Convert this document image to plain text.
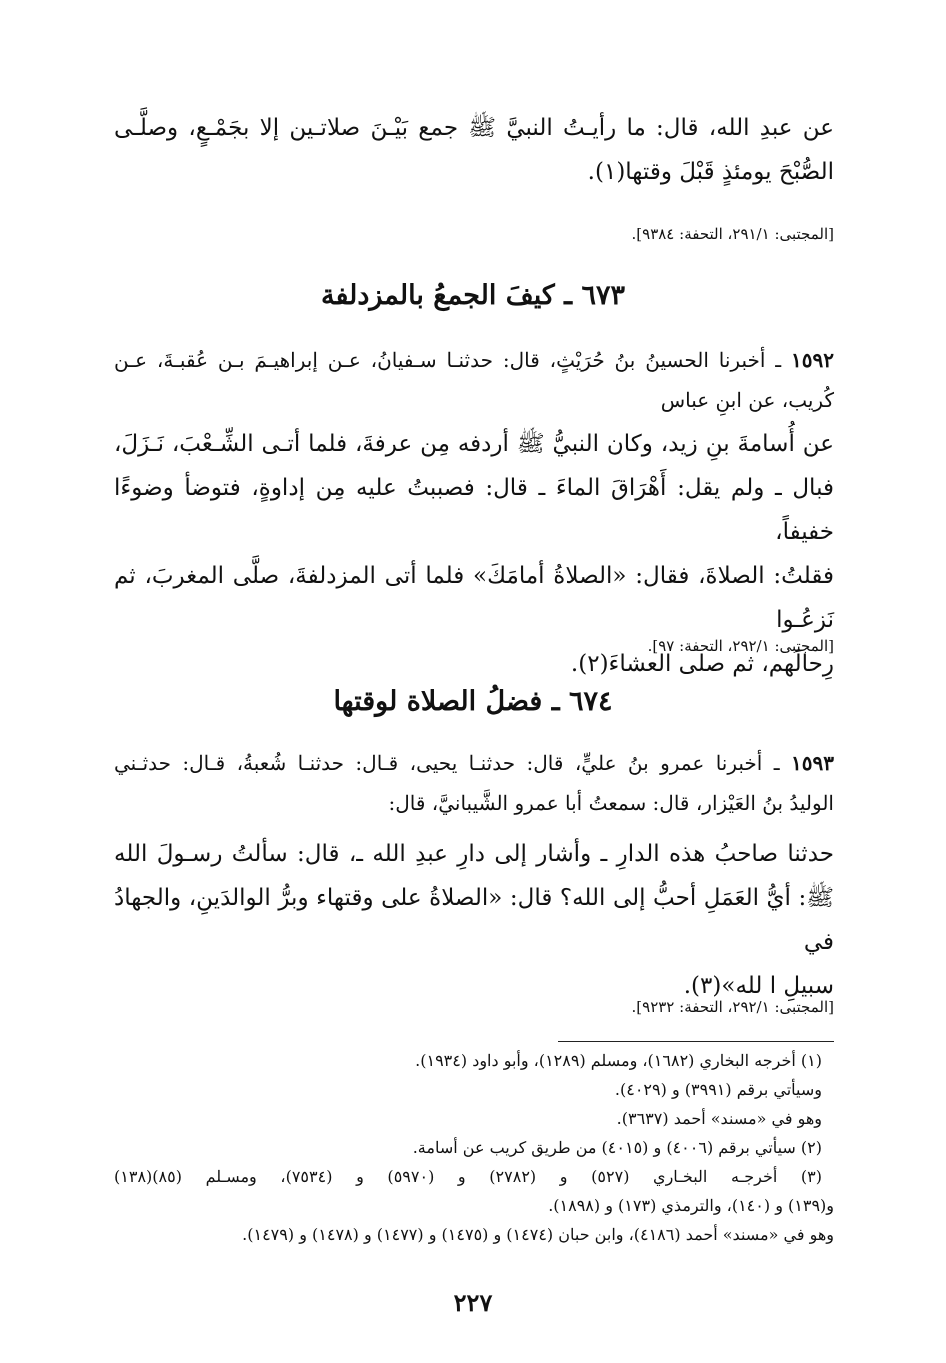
عن عبدِ الله، قال: ما رأيـتُ النبيَّ ﷺ جمع بَيْـنَ صلاتـين إلا بجَمْـعٍ، وصلَّـى
الصُّبْحَ يومئذٍ قَبْلَ وقتها(١).
[المجتبى: ٢٩١/١، التحفة: ٩٣٨٤].
٦٧٣ ـ كيفَ الجمعُ بالمزدلفة
١٥٩٢ ـ أخبرنا الحسينُ بنُ حُرَيْثٍ، قال: حدثنـا سـفيانُ، عـن إبراهيـمَ بـن عُقبـةَ، عـن
كُريب، عن ابنِ عباس
عن أُسامةَ بنِ زيد، وكان النبيُّ ﷺ أردفه مِن عرفةَ، فلما أتـى الشِّـعْبَ، نَـزَلَ،
فبال ـ ولم يقل: أَهْرَاقَ الماءَ ـ قال: فصببتُ عليه مِن إداوةٍ، فتوضأ وضوءًا خفيفاً،
فقلتُ: الصلاةَ، فقال: «الصلاةُ أمامَكَ» فلما أتى المزدلفةَ، صلَّى المغربَ، ثم نَزعُـوا
رِحالَهم، ثم صلى العشاءَ(٢).
[المجتبى: ٢٩٢/١، التحفة: ٩٧].
٦٧٤ ـ فضلُ الصلاة لوقتها
١٥٩٣ ـ أخبرنا عمرو بنُ عليٍّ، قال: حدثنـا يحيى، قـال: حدثنـا شُعبةُ، قـال: حدثـني
الوليدُ بنُ العَيْزار، قال: سمعتُ أبا عمرو الشَّيبانيَّ، قال:
حدثنا صاحبُ هذه الدارِ ـ وأشار إلى دارِ عبدِ الله ـ، قال: سألتُ رسـولَ الله
ﷺ: أيُّ العَمَلِ أحبُّ إلى الله؟ قال: «الصلاةُ على وقتهاء وبرُّ الوالدَينِ، والجهادُ في
سبيلِ ا لله»(٣).
[المجتبى: ٢٩٢/١، التحفة: ٩٢٣٢].
(١) أخرجه البخاري (١٦٨٢)، ومسلم (١٢٨٩)، وأبو داود (١٩٣٤).
وسيأتي برقم (٣٩٩١) و (٤٠٢٩).
وهو في «مسند» أحمد (٣٦٣٧).
(٢) سيأتي برقم (٤٠٠٦) و (٤٠١٥) من طريق كريب عن أسامة.
(٣) أخرجـه البخـاري (٥٢٧) و (٢٧٨٢) و (٥٩٧٠) و (٧٥٣٤)، ومسـلم (٨٥)(١٣٨)
و(١٣٩) و (١٤٠)، والترمذي (١٧٣) و (١٨٩٨).
وهو في «مسند» أحمد (٤١٨٦)، وابن حبان (١٤٧٤) و (١٤٧٥) و (١٤٧٧) و (١٤٧٨) و (١٤٧٩).
٢٢٧
